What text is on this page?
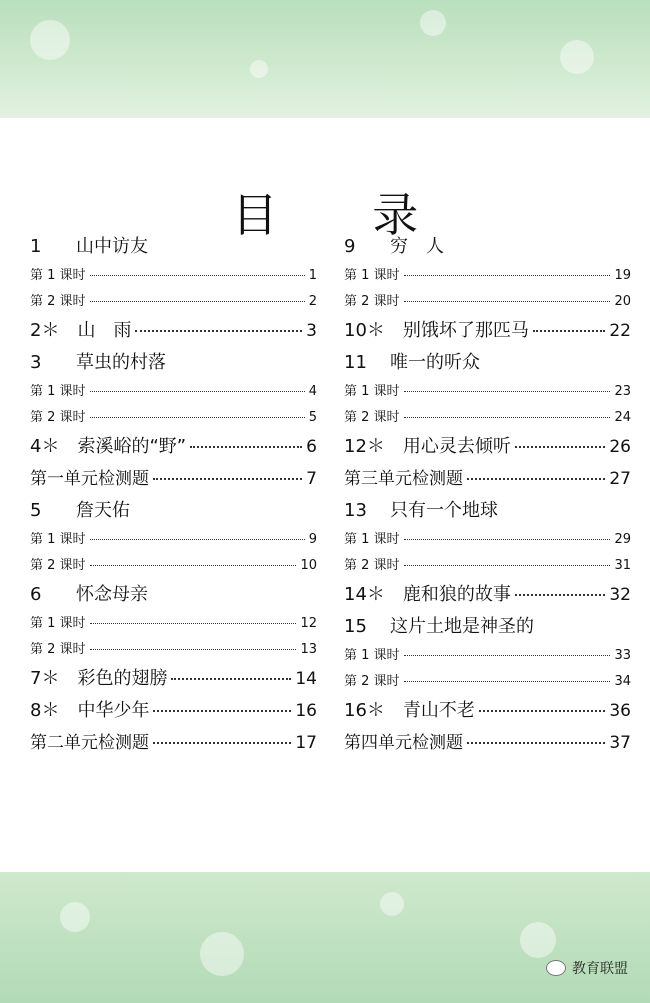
目 录
1 山中访友
第 1 课时	1
第 2 课时	2
2＊ 山　雨	3
3 草虫的村落
第 1 课时	4
第 2 课时	5
4＊ 索溪峪的“野”	6
第一单元检测题	7
5 詹天佑
第 1 课时	9
第 2 课时	10
6 怀念母亲
第 1 课时	12
第 2 课时	13
7＊ 彩色的翅膀	14
8＊ 中华少年	16
第二单元检测题	17
9 穷　人
第 1 课时	19
第 2 课时	20
10＊ 别饿坏了那匹马	22
11 唯一的听众
第 1 课时	23
第 2 课时	24
12＊ 用心灵去倾听	26
第三单元检测题	27
13 只有一个地球
第 1 课时	29
第 2 课时	31
14＊ 鹿和狼的故事	32
15 这片土地是神圣的
第 1 课时	33
第 2 课时	34
16＊ 青山不老	36
第四单元检测题	37
教育联盟
